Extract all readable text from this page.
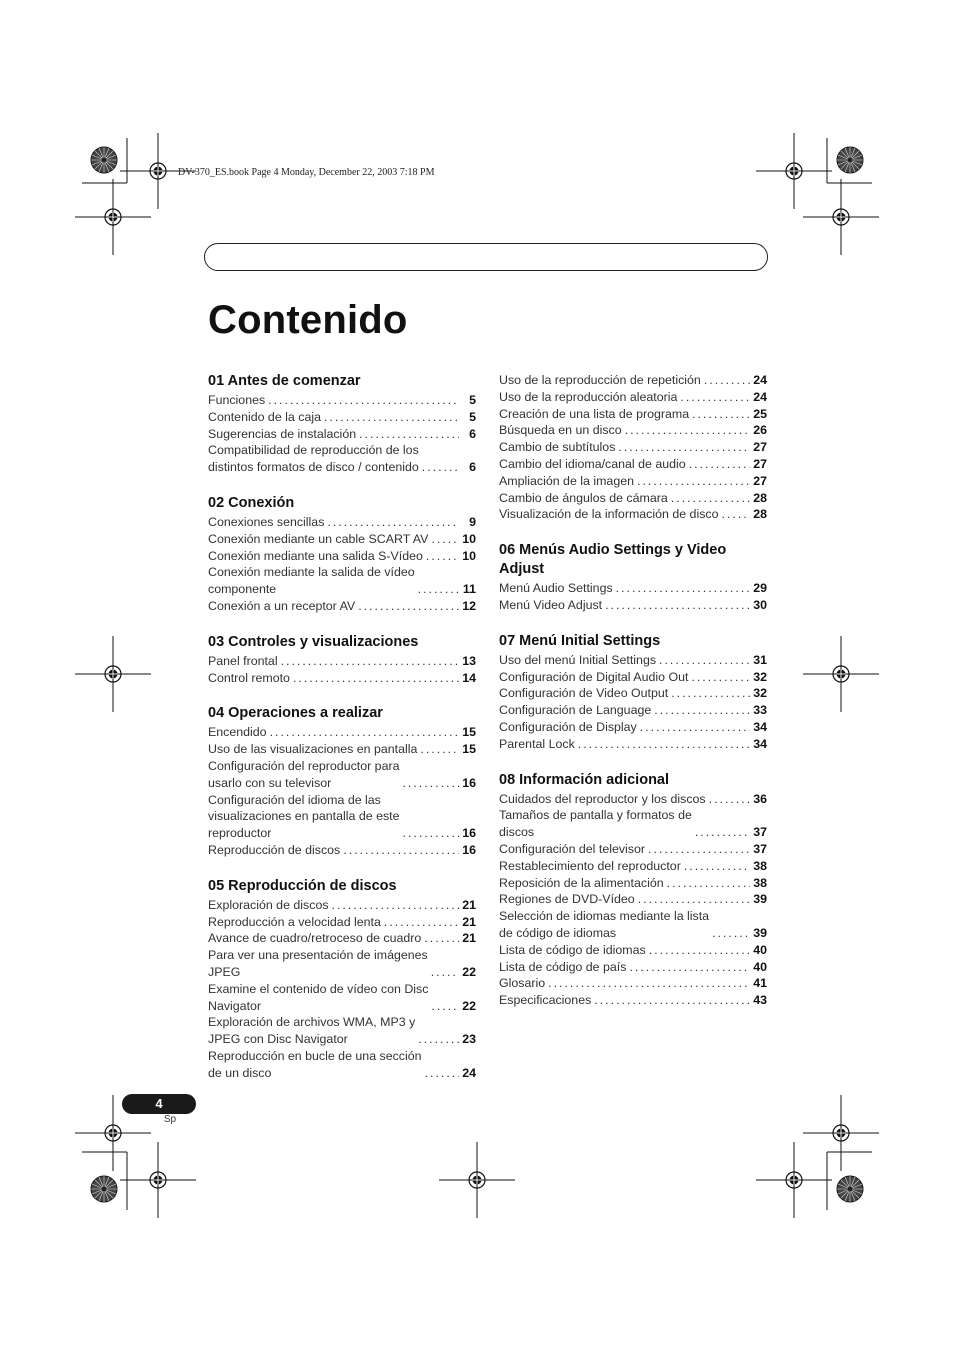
DV-370_ES.book Page 4 Monday, December 22, 2003 7:18 PM
Contenido
01 Antes de comenzar
Funciones .....	5
Contenido de la caja .....	5
Sugerencias de instalación .....	6
Compatibilidad de reproducción de los
distintos formatos de disco / contenido .....	6
02 Conexión
Conexiones sencillas .....	9
Conexión mediante un cable SCART AV .....	10
Conexión mediante una salida S-Vídeo .....	10
Conexión mediante la salida de vídeo
componente .....	11
Conexión a un receptor AV .....	12
03 Controles y visualizaciones
Panel frontal .....	13
Control remoto .....	14
04 Operaciones a realizar
Encendido .....	15
Uso de las visualizaciones en pantalla .....	15
Configuración del reproductor para
usarlo con su televisor .....	16
Configuración del idioma de las
visualizaciones en pantalla de este
reproductor .....	16
Reproducción de discos .....	16
05 Reproducción de discos
Exploración de discos .....	21
Reproducción a velocidad lenta .....	21
Avance de cuadro/retroceso de cuadro .....	21
Para ver una presentación de imágenes
JPEG .....	22
Examine el contenido de vídeo con Disc
Navigator .....	22
Exploración de archivos WMA, MP3 y
JPEG con Disc Navigator .....	23
Reproducción en bucle de una sección
de un disco .....	24
Uso de la reproducción de repetición .....	24
Uso de la reproducción aleatoria .....	24
Creación de una lista de programa .....	25
Búsqueda en un disco .....	26
Cambio de subtítulos .....	27
Cambio del idioma/canal de audio .....	27
Ampliación de la imagen .....	27
Cambio de ángulos de cámara .....	28
Visualización de la información de disco .....	28
06 Menús Audio Settings y Video Adjust
Menú Audio Settings .....	29
Menú Video Adjust .....	30
07 Menú Initial Settings
Uso del menú Initial Settings .....	31
Configuración de Digital Audio Out .....	32
Configuración de Video Output .....	32
Configuración de Language .....	33
Configuración de Display .....	34
Parental Lock .....	34
08 Información adicional
Cuidados del reproductor y los discos .....	36
Tamaños de pantalla y formatos de
discos .....	37
Configuración del televisor .....	37
Restablecimiento del reproductor .....	38
Reposición de la alimentación .....	38
Regiones de DVD-Vídeo .....	39
Selección de idiomas mediante la lista
de código de idiomas .....	39
Lista de código de idiomas .....	40
Lista de código de país .....	40
Glosario .....	41
Especificaciones .....	43
4
Sp
